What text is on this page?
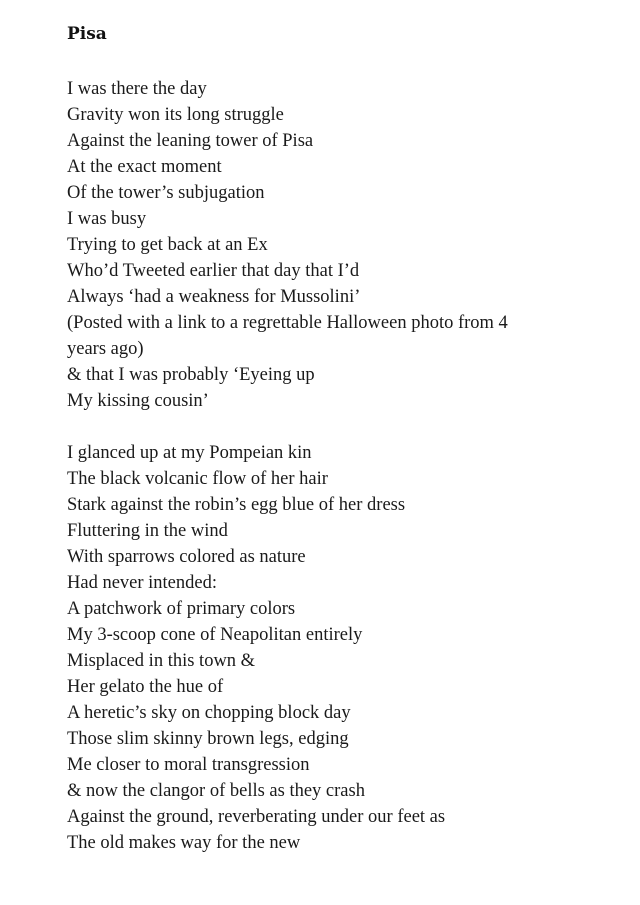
Pisa
I was there the day
Gravity won its long struggle
Against the leaning tower of Pisa
At the exact moment
Of the tower’s subjugation
I was busy
Trying to get back at an Ex
Who’d Tweeted earlier that day that I’d
Always ‘had a weakness for Mussolini’
(Posted with a link to a regrettable Halloween photo from 4
years ago)
& that I was probably ‘Eyeing up
My kissing cousin’
I glanced up at my Pompeian kin
The black volcanic flow of her hair
Stark against the robin’s egg blue of her dress
Fluttering in the wind
With sparrows colored as nature
Had never intended:
A patchwork of primary colors
My 3-scoop cone of Neapolitan entirely
Misplaced in this town &
Her gelato the hue of
A heretic’s sky on chopping block day
Those slim skinny brown legs, edging
Me closer to moral transgression
& now the clangor of bells as they crash
Against the ground, reverberating under our feet as
The old makes way for the new
